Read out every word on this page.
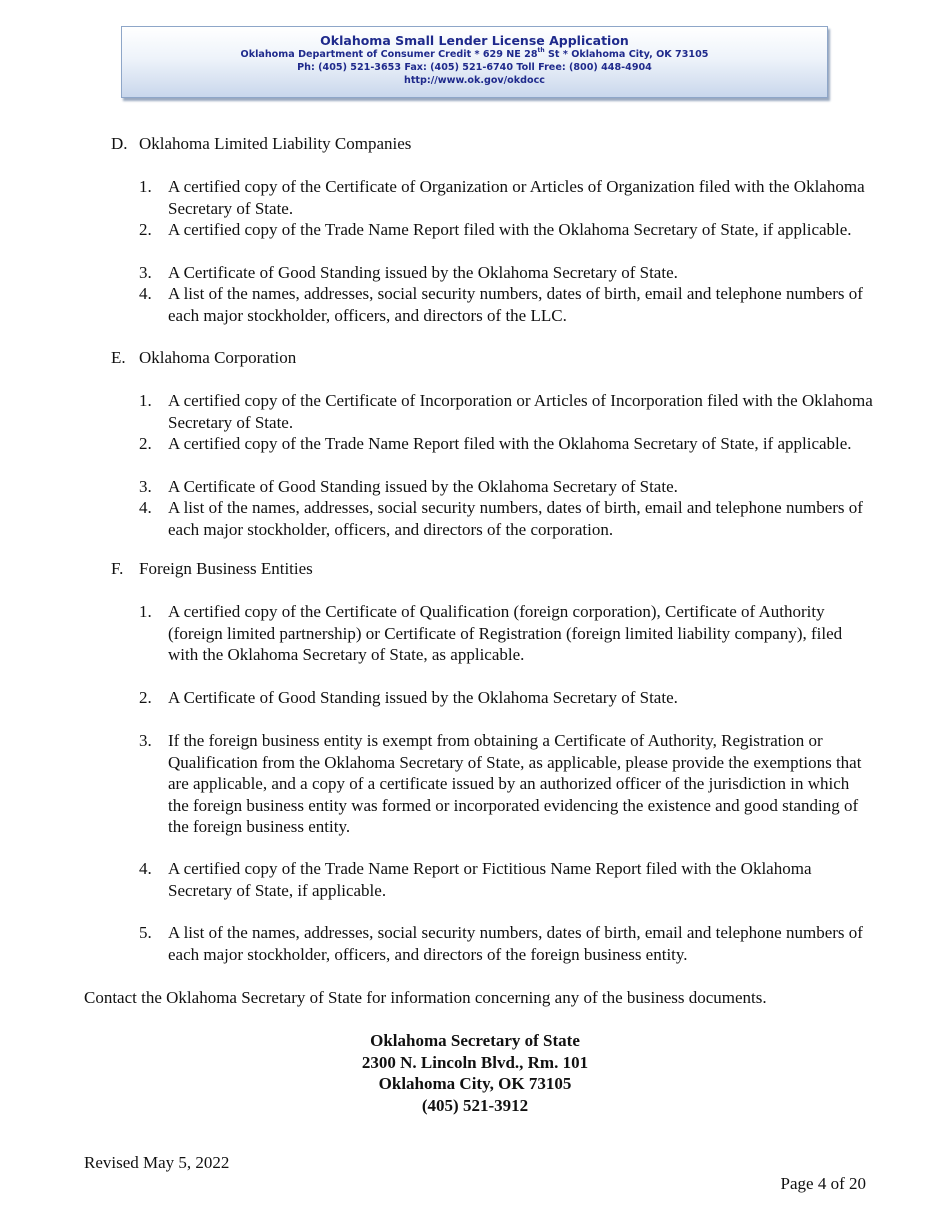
Oklahoma Small Lender License Application
Oklahoma Department of Consumer Credit * 629 NE 28th St * Oklahoma City, OK 73105
Ph: (405) 521-3653 Fax: (405) 521-6740 Toll Free: (800) 448-4904
http://www.ok.gov/okdocc
D. Oklahoma Limited Liability Companies
1. A certified copy of the Certificate of Organization or Articles of Organization filed with the Oklahoma Secretary of State.
2. A certified copy of the Trade Name Report filed with the Oklahoma Secretary of State, if applicable.
3. A Certificate of Good Standing issued by the Oklahoma Secretary of State.
4. A list of the names, addresses, social security numbers, dates of birth, email and telephone numbers of each major stockholder, officers, and directors of the LLC.
E. Oklahoma Corporation
1. A certified copy of the Certificate of Incorporation or Articles of Incorporation filed with the Oklahoma Secretary of State.
2. A certified copy of the Trade Name Report filed with the Oklahoma Secretary of State, if applicable.
3. A Certificate of Good Standing issued by the Oklahoma Secretary of State.
4. A list of the names, addresses, social security numbers, dates of birth, email and telephone numbers of each major stockholder, officers, and directors of the corporation.
F. Foreign Business Entities
1. A certified copy of the Certificate of Qualification (foreign corporation), Certificate of Authority (foreign limited partnership) or Certificate of Registration (foreign limited liability company), filed with the Oklahoma Secretary of State, as applicable.
2. A Certificate of Good Standing issued by the Oklahoma Secretary of State.
3. If the foreign business entity is exempt from obtaining a Certificate of Authority, Registration or Qualification from the Oklahoma Secretary of State, as applicable, please provide the exemptions that are applicable, and a copy of a certificate issued by an authorized officer of the jurisdiction in which the foreign business entity was formed or incorporated evidencing the existence and good standing of the foreign business entity.
4. A certified copy of the Trade Name Report or Fictitious Name Report filed with the Oklahoma Secretary of State, if applicable.
5. A list of the names, addresses, social security numbers, dates of birth, email and telephone numbers of each major stockholder, officers, and directors of the foreign business entity.
Contact the Oklahoma Secretary of State for information concerning any of the business documents.
Oklahoma Secretary of State
2300 N. Lincoln Blvd., Rm. 101
Oklahoma City, OK 73105
(405) 521-3912
Revised May 5, 2022
Page 4 of 20
